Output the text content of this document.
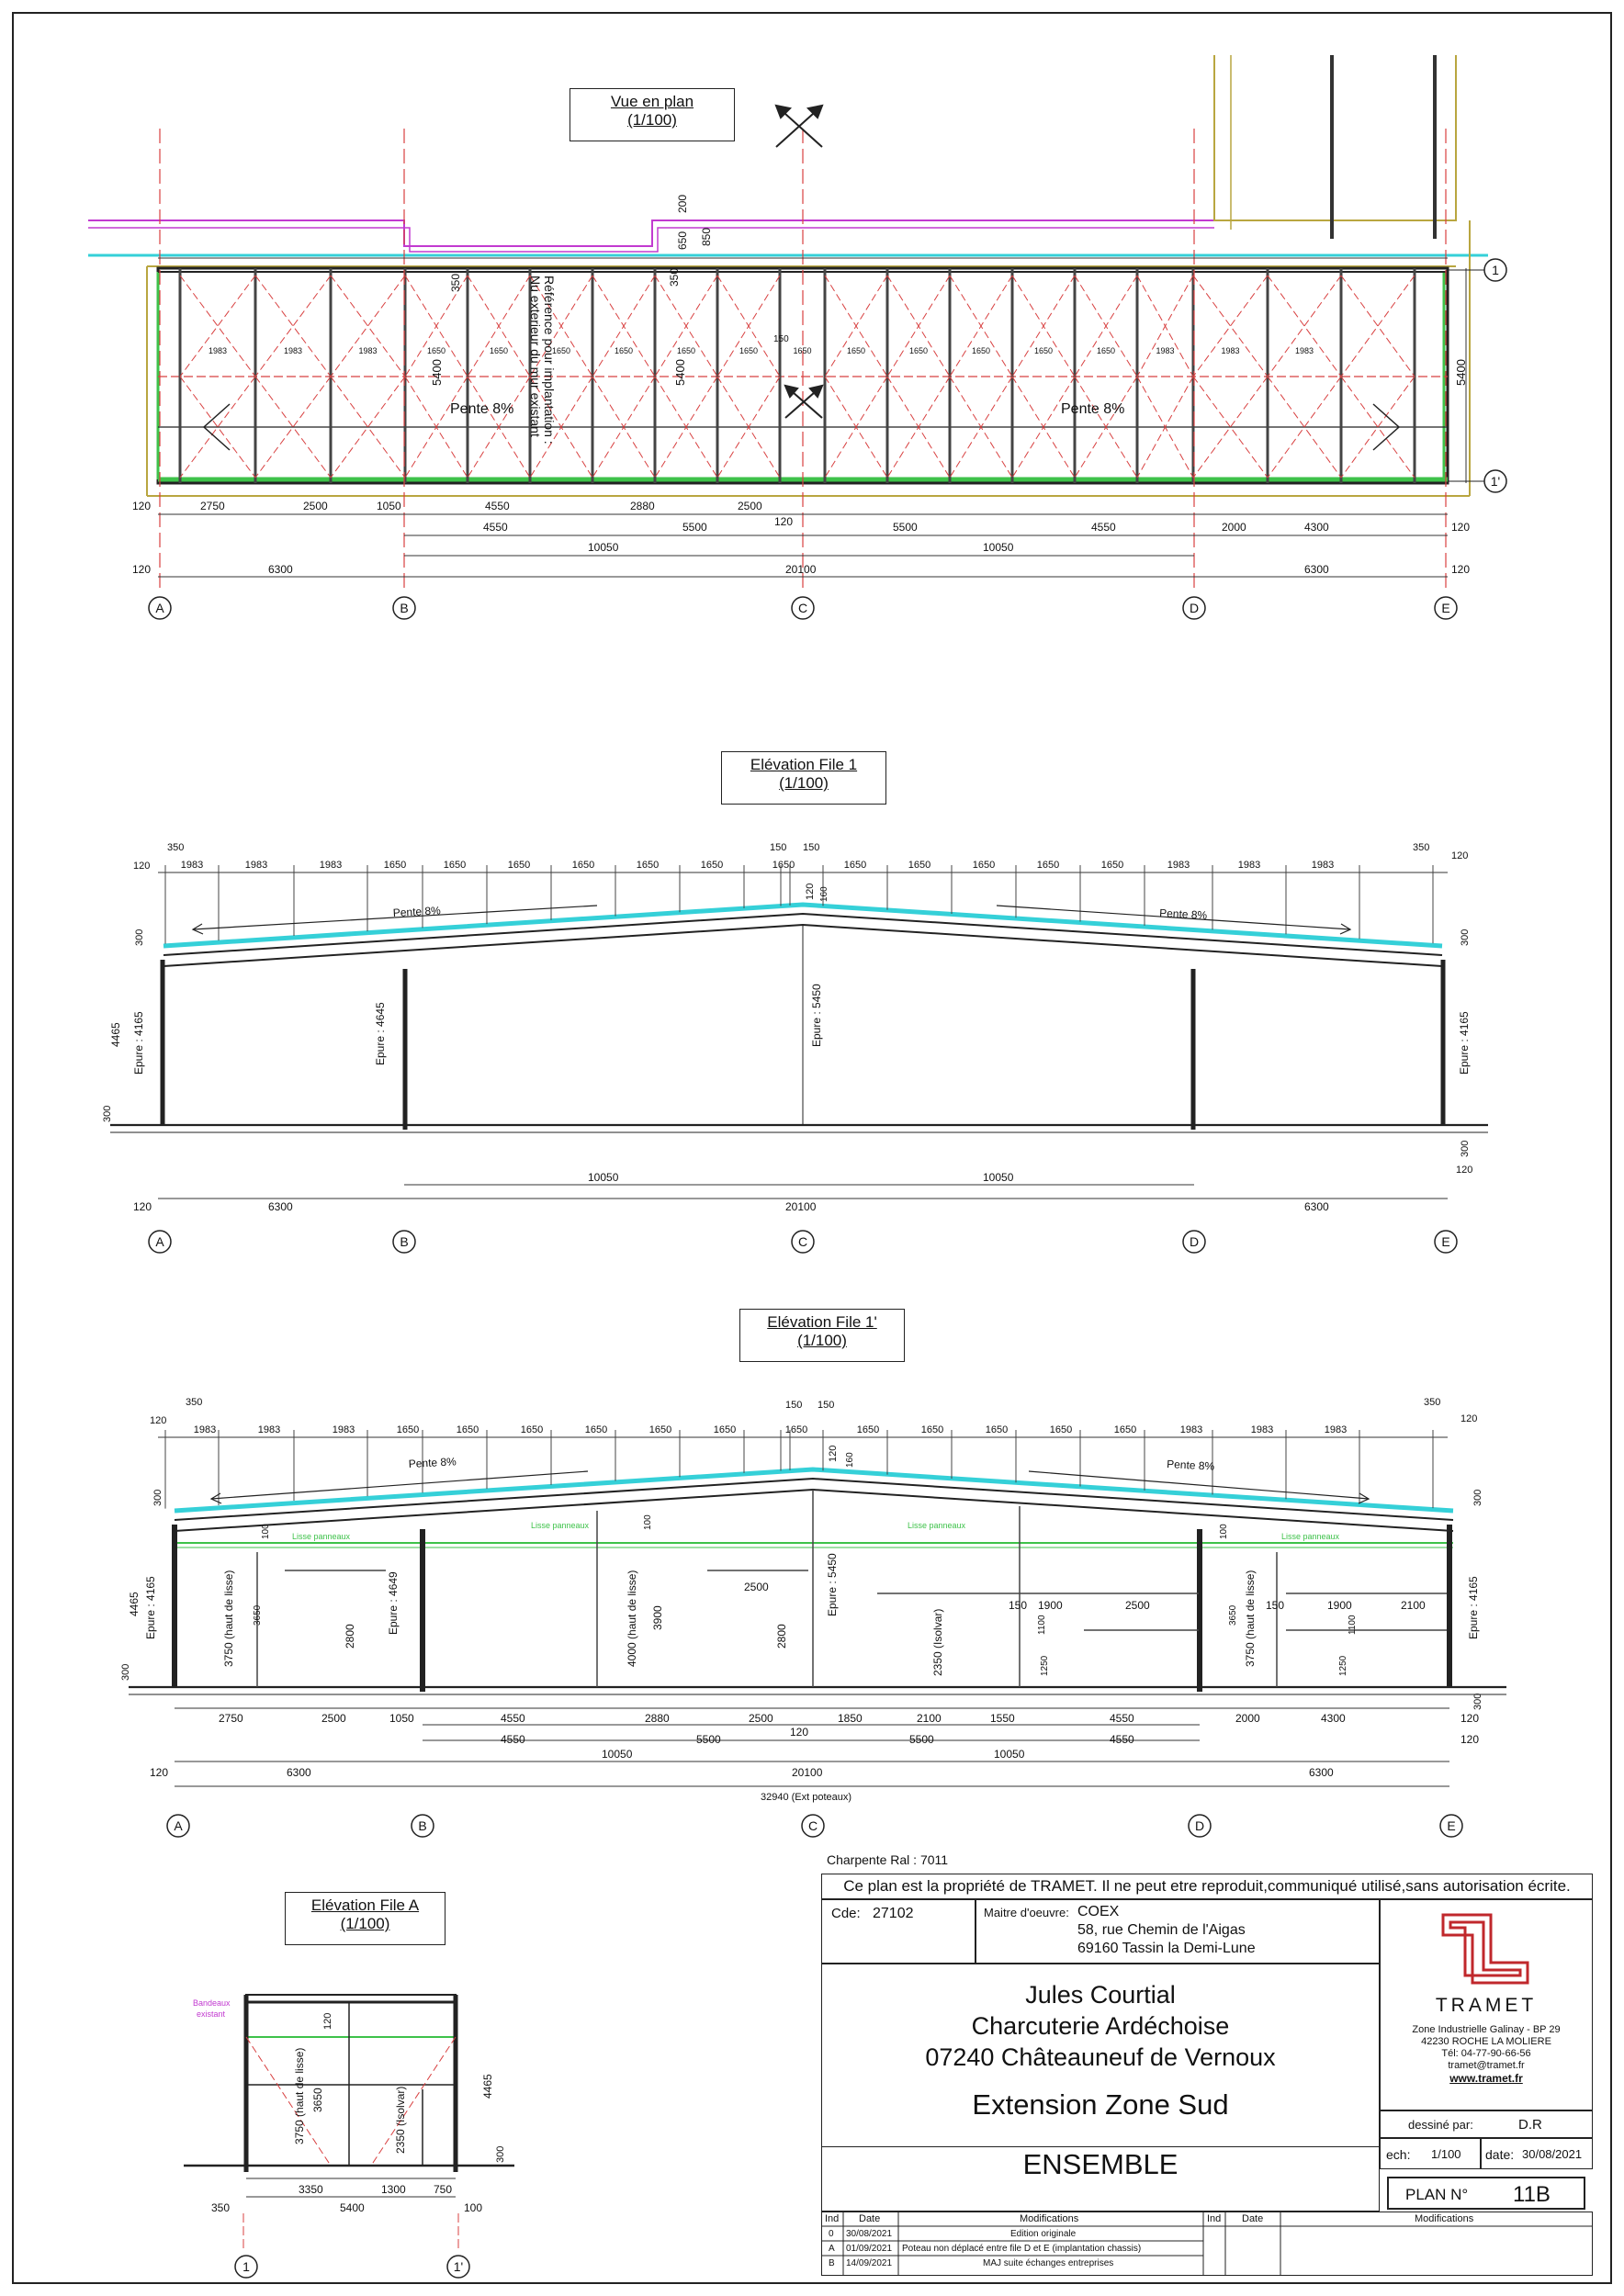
Pente 8%	Pente 8%
Référence pour implantation :
Nu exterieur du mur existant
5400	5400	5400
350	350
200
650 850
150
120	2750	2500	1050	4550	2880	2500
5500	4550	2000	4300	120
4550	5500	120
10050	10050
120	6300	20100	6300	120
Pente 8%	Pente 8%
Epure : 4165	Epure : 4645	Epure : 5450	Epure : 4165
4465
300
300
300
300
120
120 160
350	350
120
120
150 150
10050	10050
120	6300	20100	6300
Pente 8%	Pente 8%
Lisse panneaux
Lisse panneaux	Lisse panneaux
Lisse panneaux
Epure : 4165	Epure : 4649	Epure : 5450	Epure : 4165
3750 (haut de lisse)	3750 (haut de lisse)
4000 (haut de lisse)	2350 (Isolvar)
3650	3650
2800	2800
3900
100
100	100
2500
150 1900	2500	150	1900	2100
1100	1100
1250	1250
4465
300
300
300
300
350	350
120	120
150 150
120 160
2750	2500	1050	4550	2880	2500
120
1850	2100	1550	4550	2000	4300	120
4550	5500	5500	4550	120
10050	10050
120	6300	20100	6300
32940 (Ext poteaux)
Bandeaux
existant
3750 (haut de lisse) 3650	2350 (Isolvar)
120
4465
300
3350	1300	750
350	5400	100
Charpente Ral : 7011
1983	1983	1983	1650	1650	1650	1650	1650	1650	1650	1650	1650	1650	1650	1650	1983	1983	1983
1983	1983	1983	1650	1650	1650	1650	1650	1650	1650	1650	1650	1650	1650	1650	1983	1983	1983
1983	1983	1983	1650	1650	1650	1650	1650	1650	1650	1650	1650	1650	1650	1650	1983	1983	1983
A	B	C	D	E
A	B	C	D	E
A	B	C	D	E
1
1'
1	1'
Vue en plan
(1/100)
Elévation File 1
(1/100)
Elévation File 1'
(1/100)
Elévation File A
(1/100)
Ce plan est la propriété de TRAMET. Il ne peut etre reproduit,communiqué utilisé,sans autorisation écrite.
Cde: 27102	Maitre d'oeuvre: COEX
58, rue Chemin de l'Aigas
69160 Tassin la Demi-Lune
Jules Courtial
Charcuterie Ardéchoise
07240 Châteauneuf de Vernoux
Extension Zone Sud
ENSEMBLE
TRAMET
Zone Industrielle Galinay - BP 29
42230 ROCHE LA MOLIERE
Tél: 04-77-90-66-56
tramet@tramet.fr
www.tramet.fr
dessiné par:	D.R
ech: 1/100 date: 30/08/2021
PLAN N° 11B
Ind Date	Modifications	Ind Date	Modifications
0 30/08/2021	Edition originale
A 01/09/2021 Poteau non déplacé entre file D et E (implantation chassis)
B 14/09/2021	MAJ suite échanges entreprises
